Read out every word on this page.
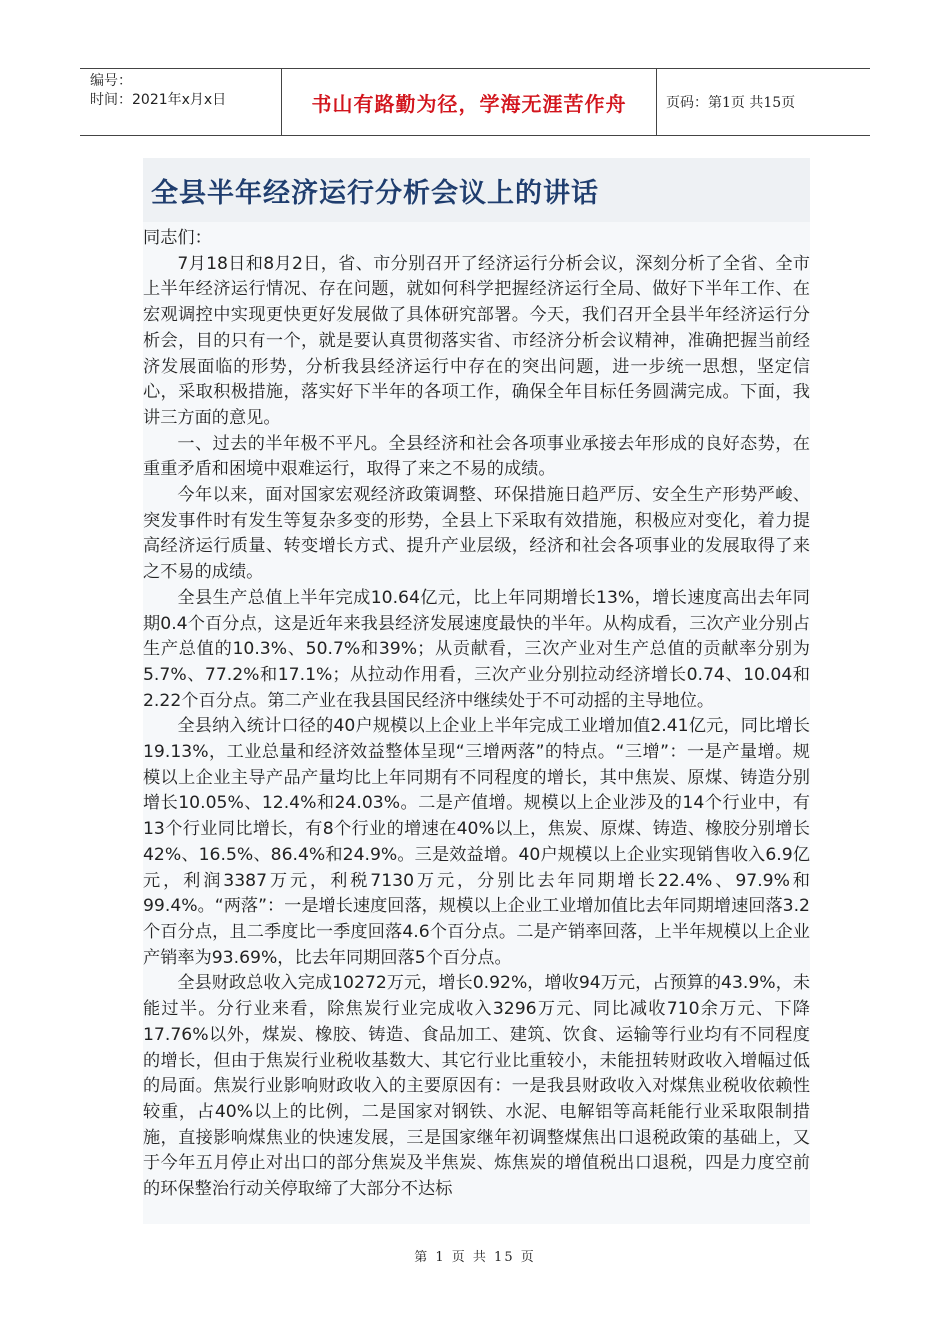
编号：
时间：2021年x月x日	书山有路勤为径，学海无涯苦作舟	页码：第1页 共15页
全县半年经济运行分析会议上的讲话

同志们：

7月18日和8月2日，省、市分别召开了经济运行分析会议，深刻分析了全省、全市上半年经济运行情况、存在问题，就如何科学把握经济运行全局、做好下半年工作、在宏观调控中实现更快更好发展做了具体研究部署。今天，我们召开全县半年经济运行分析会，目的只有一个，就是要认真贯彻落实省、市经济分析会议精神，准确把握当前经济发展面临的形势，分析我县经济运行中存在的突出问题，进一步统一思想，坚定信心，采取积极措施，落实好下半年的各项工作，确保全年目标任务圆满完成。下面，我讲三方面的意见。

一、过去的半年极不平凡。全县经济和社会各项事业承接去年形成的良好态势，在重重矛盾和困境中艰难运行，取得了来之不易的成绩。

今年以来，面对国家宏观经济政策调整、环保措施日趋严厉、安全生产形势严峻、突发事件时有发生等复杂多变的形势，全县上下采取有效措施，积极应对变化，着力提高经济运行质量、转变增长方式、提升产业层级，经济和社会各项事业的发展取得了来之不易的成绩。

全县生产总值上半年完成10.64亿元，比上年同期增长13%，增长速度高出去年同期0.4个百分点，这是近年来我县经济发展速度最快的半年。从构成看，三次产业分别占生产总值的10.3%、50.7%和39%；从贡献看，三次产业对生产总值的贡献率分别为5.7%、77.2%和17.1%；从拉动作用看，三次产业分别拉动经济增长0.74、10.04和2.22个百分点。第二产业在我县国民经济中继续处于不可动摇的主导地位。

全县纳入统计口径的40户规模以上企业上半年完成工业增加值2.41亿元，同比增长19.13%，工业总量和经济效益整体呈现“三增两落”的特点。“三增”：一是产量增。规模以上企业主导产品产量均比上年同期有不同程度的增长，其中焦炭、原煤、铸造分别增长10.05%、12.4%和24.03%。二是产值增。规模以上企业涉及的14个行业中，有13个行业同比增长，有8个行业的增速在40%以上，焦炭、原煤、铸造、橡胶分别增长42%、16.5%、86.4%和24.9%。三是效益增。40户规模以上企业实现销售收入6.9亿元，利润3387万元，利税7130万元，分别比去年同期增长22.4%、97.9%和99.4%。“两落”：一是增长速度回落，规模以上企业工业增加值比去年同期增速回落3.2个百分点，且二季度比一季度回落4.6个百分点。二是产销率回落，上半年规模以上企业产销率为93.69%，比去年同期回落5个百分点。

全县财政总收入完成10272万元，增长0.92%，增收94万元，占预算的43.9%，未能过半。分行业来看，除焦炭行业完成收入3296万元、同比减收710余万元、下降17.76%以外，煤炭、橡胶、铸造、食品加工、建筑、饮食、运输等行业均有不同程度的增长，但由于焦炭行业税收基数大、其它行业比重较小，未能扭转财政收入增幅过低的局面。焦炭行业影响财政收入的主要原因有：一是我县财政收入对煤焦业税收依赖性较重，占40%以上的比例，二是国家对钢铁、水泥、电解铝等高耗能行业采取限制措施，直接影响煤焦业的快速发展，三是国家继年初调整煤焦出口退税政策的基础上，又于今年五月停止对出口的部分焦炭及半焦炭、炼焦炭的增值税出口退税，四是力度空前的环保整治行动关停取缔了大部分不达标

第 1 页 共 15 页
